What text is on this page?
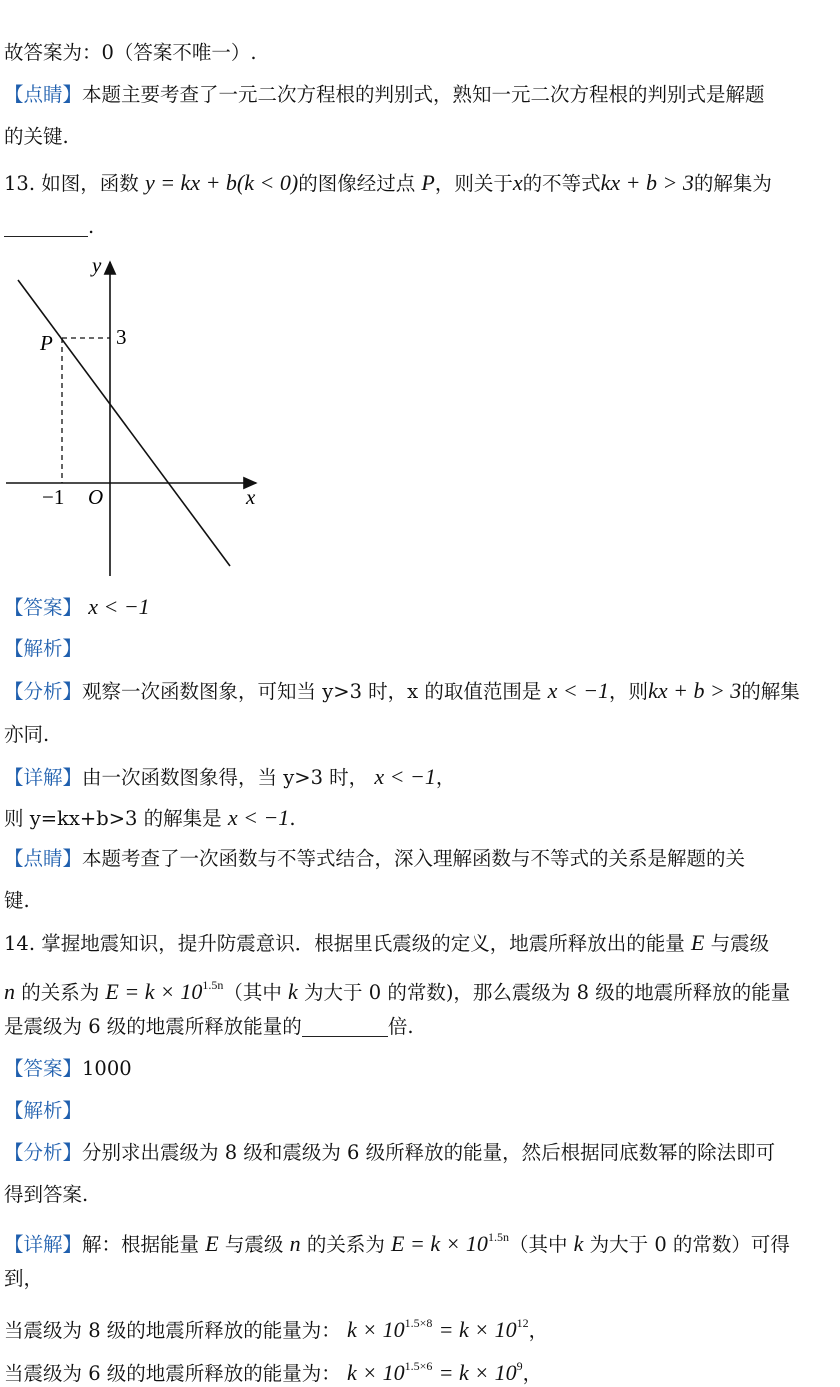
故答案为：0（答案不唯一）.
【点睛】本题主要考查了一元二次方程根的判别式，熟知一元二次方程根的判别式是解题
的关键.
13. 如图，函数 y = kx + b(k < 0)的图像经过点 P，则关于x的不等式kx + b > 3的解集为
.
y
x
O
P	3
−1
【答案】 x < −1
【解析】
【分析】观察一次函数图象，可知当 y>3 时，x 的取值范围是 x < −1，则kx + b > 3的解集
亦同.
【详解】由一次函数图象得，当 y>3 时， x < −1，
则 y=kx+b>3 的解集是 x < −1.
【点睛】本题考查了一次函数与不等式结合，深入理解函数与不等式的关系是解题的关
键.
14. 掌握地震知识，提升防震意识．根据里氏震级的定义，地震所释放出的能量 E 与震级
n 的关系为 $E = k \times 10^{1.5n}$（其中 k 为大于 0 的常数)，那么震级为 8 级的地震所释放的能量
是震级为 6 级的地震所释放能量的	倍.
【答案】1000
【解析】
【分析】分别求出震级为 8 级和震级为 6 级所释放的能量，然后根据同底数幂的除法即可
得到答案.
【详解】解：根据能量 E 与震级 n 的关系为 $E = k \times 10^{1.5n}$（其中 k 为大于 0 的常数）可得
到，
当震级为 8 级的地震所释放的能量为： $k \times 10^{1.5\times 8} = k \times 10^{12}$，
当震级为 6 级的地震所释放的能量为： $k \times 10^{1.5\times 6} = k \times 10^9$，
